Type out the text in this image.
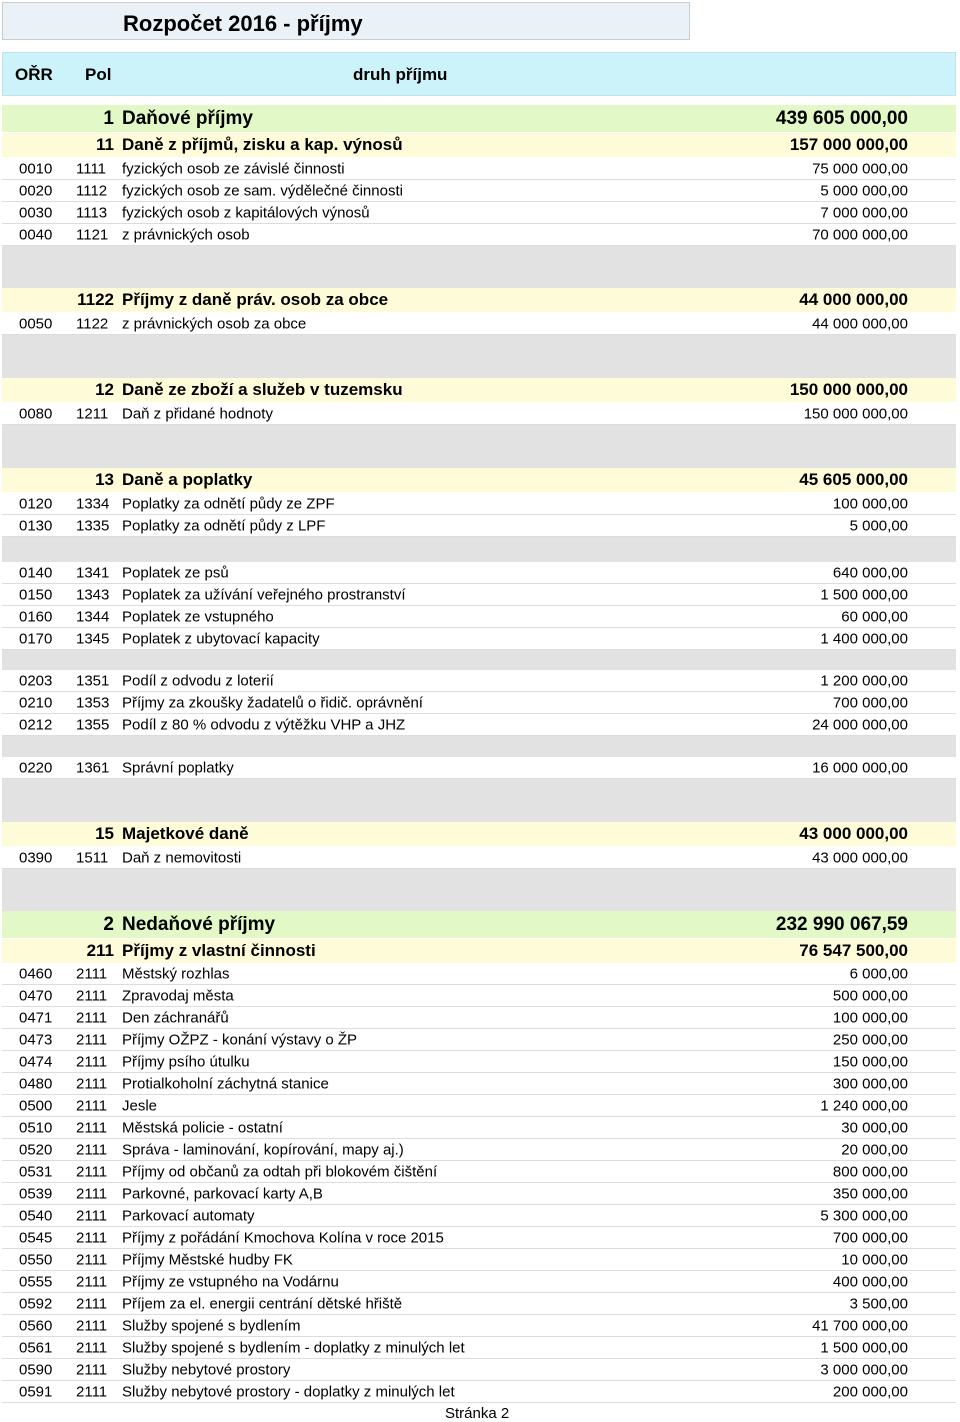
Rozpočet 2016 - příjmy
OŘR Pol	druh příjmu
1 Daňové příjmy	439 605 000,00
11 Daně z příjmů, zisku a kap. výnosů	157 000 000,00
0010 1111 fyzických osob ze závislé činnosti	75 000 000,00
0020 1112 fyzických osob ze sam. výdělečné činnosti	5 000 000,00
0030 1113 fyzických osob z kapitálových výnosů	7 000 000,00
0040 1121 z právnických osob	70 000 000,00
1122 Příjmy z daně práv. osob za obce	44 000 000,00
0050 1122 z právnických osob za obce	44 000 000,00
12 Daně ze zboží a služeb v tuzemsku	150 000 000,00
0080 1211 Daň z přidané hodnoty	150 000 000,00
13 Daně a poplatky	45 605 000,00
0120 1334 Poplatky za odnětí půdy ze ZPF	100 000,00
0130 1335 Poplatky za odnětí půdy z LPF	5 000,00
0140 1341 Poplatek ze psů	640 000,00
0150 1343 Poplatek za užívání veřejného prostranství	1 500 000,00
0160 1344 Poplatek ze vstupného	60 000,00
0170 1345 Poplatek z ubytovací kapacity	1 400 000,00
0203 1351 Podíl z odvodu z loterií	1 200 000,00
0210 1353 Příjmy za zkoušky žadatelů o řidič. oprávnění	700 000,00
0212 1355 Podíl z 80 % odvodu z výtěžku VHP a JHZ	24 000 000,00
0220 1361 Správní poplatky	16 000 000,00
15 Majetkové daně	43 000 000,00
0390 1511 Daň z nemovitosti	43 000 000,00
2 Nedaňové příjmy	232 990 067,59
211 Příjmy z vlastní činnosti	76 547 500,00
0460 2111 Městský rozhlas	6 000,00
0470 2111 Zpravodaj města	500 000,00
0471 2111 Den záchranářů	100 000,00
0473 2111 Příjmy OŽPZ - konání výstavy o ŽP	250 000,00
0474 2111 Příjmy psího útulku	150 000,00
0480 2111 Protialkoholní záchytná stanice	300 000,00
0500 2111 Jesle	1 240 000,00
0510 2111 Městská policie - ostatní	30 000,00
0520 2111 Správa - laminování, kopírování, mapy aj.)	20 000,00
0531 2111 Příjmy od občanů za odtah při blokovém čištění	800 000,00
0539 2111 Parkovné, parkovací karty A,B	350 000,00
0540 2111 Parkovací automaty	5 300 000,00
0545 2111 Příjmy z pořádání Kmochova Kolína v roce 2015	700 000,00
0550 2111 Příjmy Městské hudby FK	10 000,00
0555 2111 Příjmy ze vstupného na Vodárnu	400 000,00
0592 2111 Příjem za el. energii centrání dětské hřiště	3 500,00
0560 2111 Služby spojené s bydlením	41 700 000,00
0561 2111 Služby spojené s bydlením - doplatky z minulých let	1 500 000,00
0590 2111 Služby nebytové prostory	3 000 000,00
0591 2111 Služby nebytové prostory - doplatky z minulých let	200 000,00
Stránka 2
